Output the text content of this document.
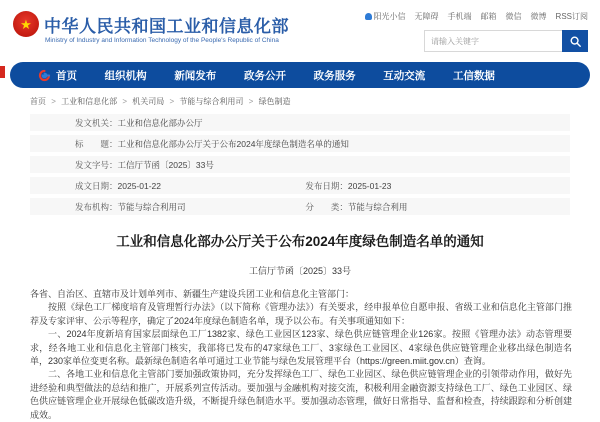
★ 中华人民共和国工业和信息化部
Ministry of Industry and Information Technology of the People's Republic of China
阳光小信 无障碍 手机端 邮箱 微信 微博 RSS订阅
请输入关键字
首页	组织机构	新闻发布	政务公开	政务服务	互动交流	工信数据
首页 > 工业和信息化部 > 机关司局 > 节能与综合利用司 > 绿色制造
发文机关：工业和信息化部办公厅
标　　题：工业和信息化部办公厅关于公布2024年度绿色制造名单的通知
发文字号：工信厅节函〔2025〕33号
成文日期：2025-01-22	发布日期：2025-01-23
发布机构：节能与综合利用司	分　　类：节能与综合利用
工业和信息化部办公厅关于公布2024年度绿色制造名单的通知
工信厅节函〔2025〕33号

各省、自治区、直辖市及计划单列市、新疆生产建设兵团工业和信息化主管部门：

按照《绿色工厂梯度培育及管理暂行办法》（以下简称《管理办法》）有关要求，经申报单位自愿申报、省级工业和信息化主管部门推荐及专家评审、公示等程序，确定了2024年度绿色制造名单，现予以公布。有关事项通知如下：

一、2024年度新培育国家层面绿色工厂1382家、绿色工业园区123家、绿色供应链管理企业126家。按照《管理办法》动态管理要求，经各地工业和信息化主管部门核实，我部将已发布的47家绿色工厂、3家绿色工业园区、4家绿色供应链管理企业移出绿色制造名单，230家单位变更名称。最新绿色制造名单可通过工业节能与绿色发展管理平台（https://green.miit.gov.cn）查询。

二、各地工业和信息化主管部门要加强政策协同，充分发挥绿色工厂、绿色工业园区、绿色供应链管理企业的引领带动作用，做好先进经验和典型做法的总结和推广，开展系列宣传活动。要加强与金融机构对接交流，积极利用金融资源支持绿色工厂、绿色工业园区、绿色供应链管理企业开展绿色低碳改造升级，不断提升绿色制造水平。要加强动态管理，做好日常指导、监督和检查，持续跟踪和分析创建成效。
